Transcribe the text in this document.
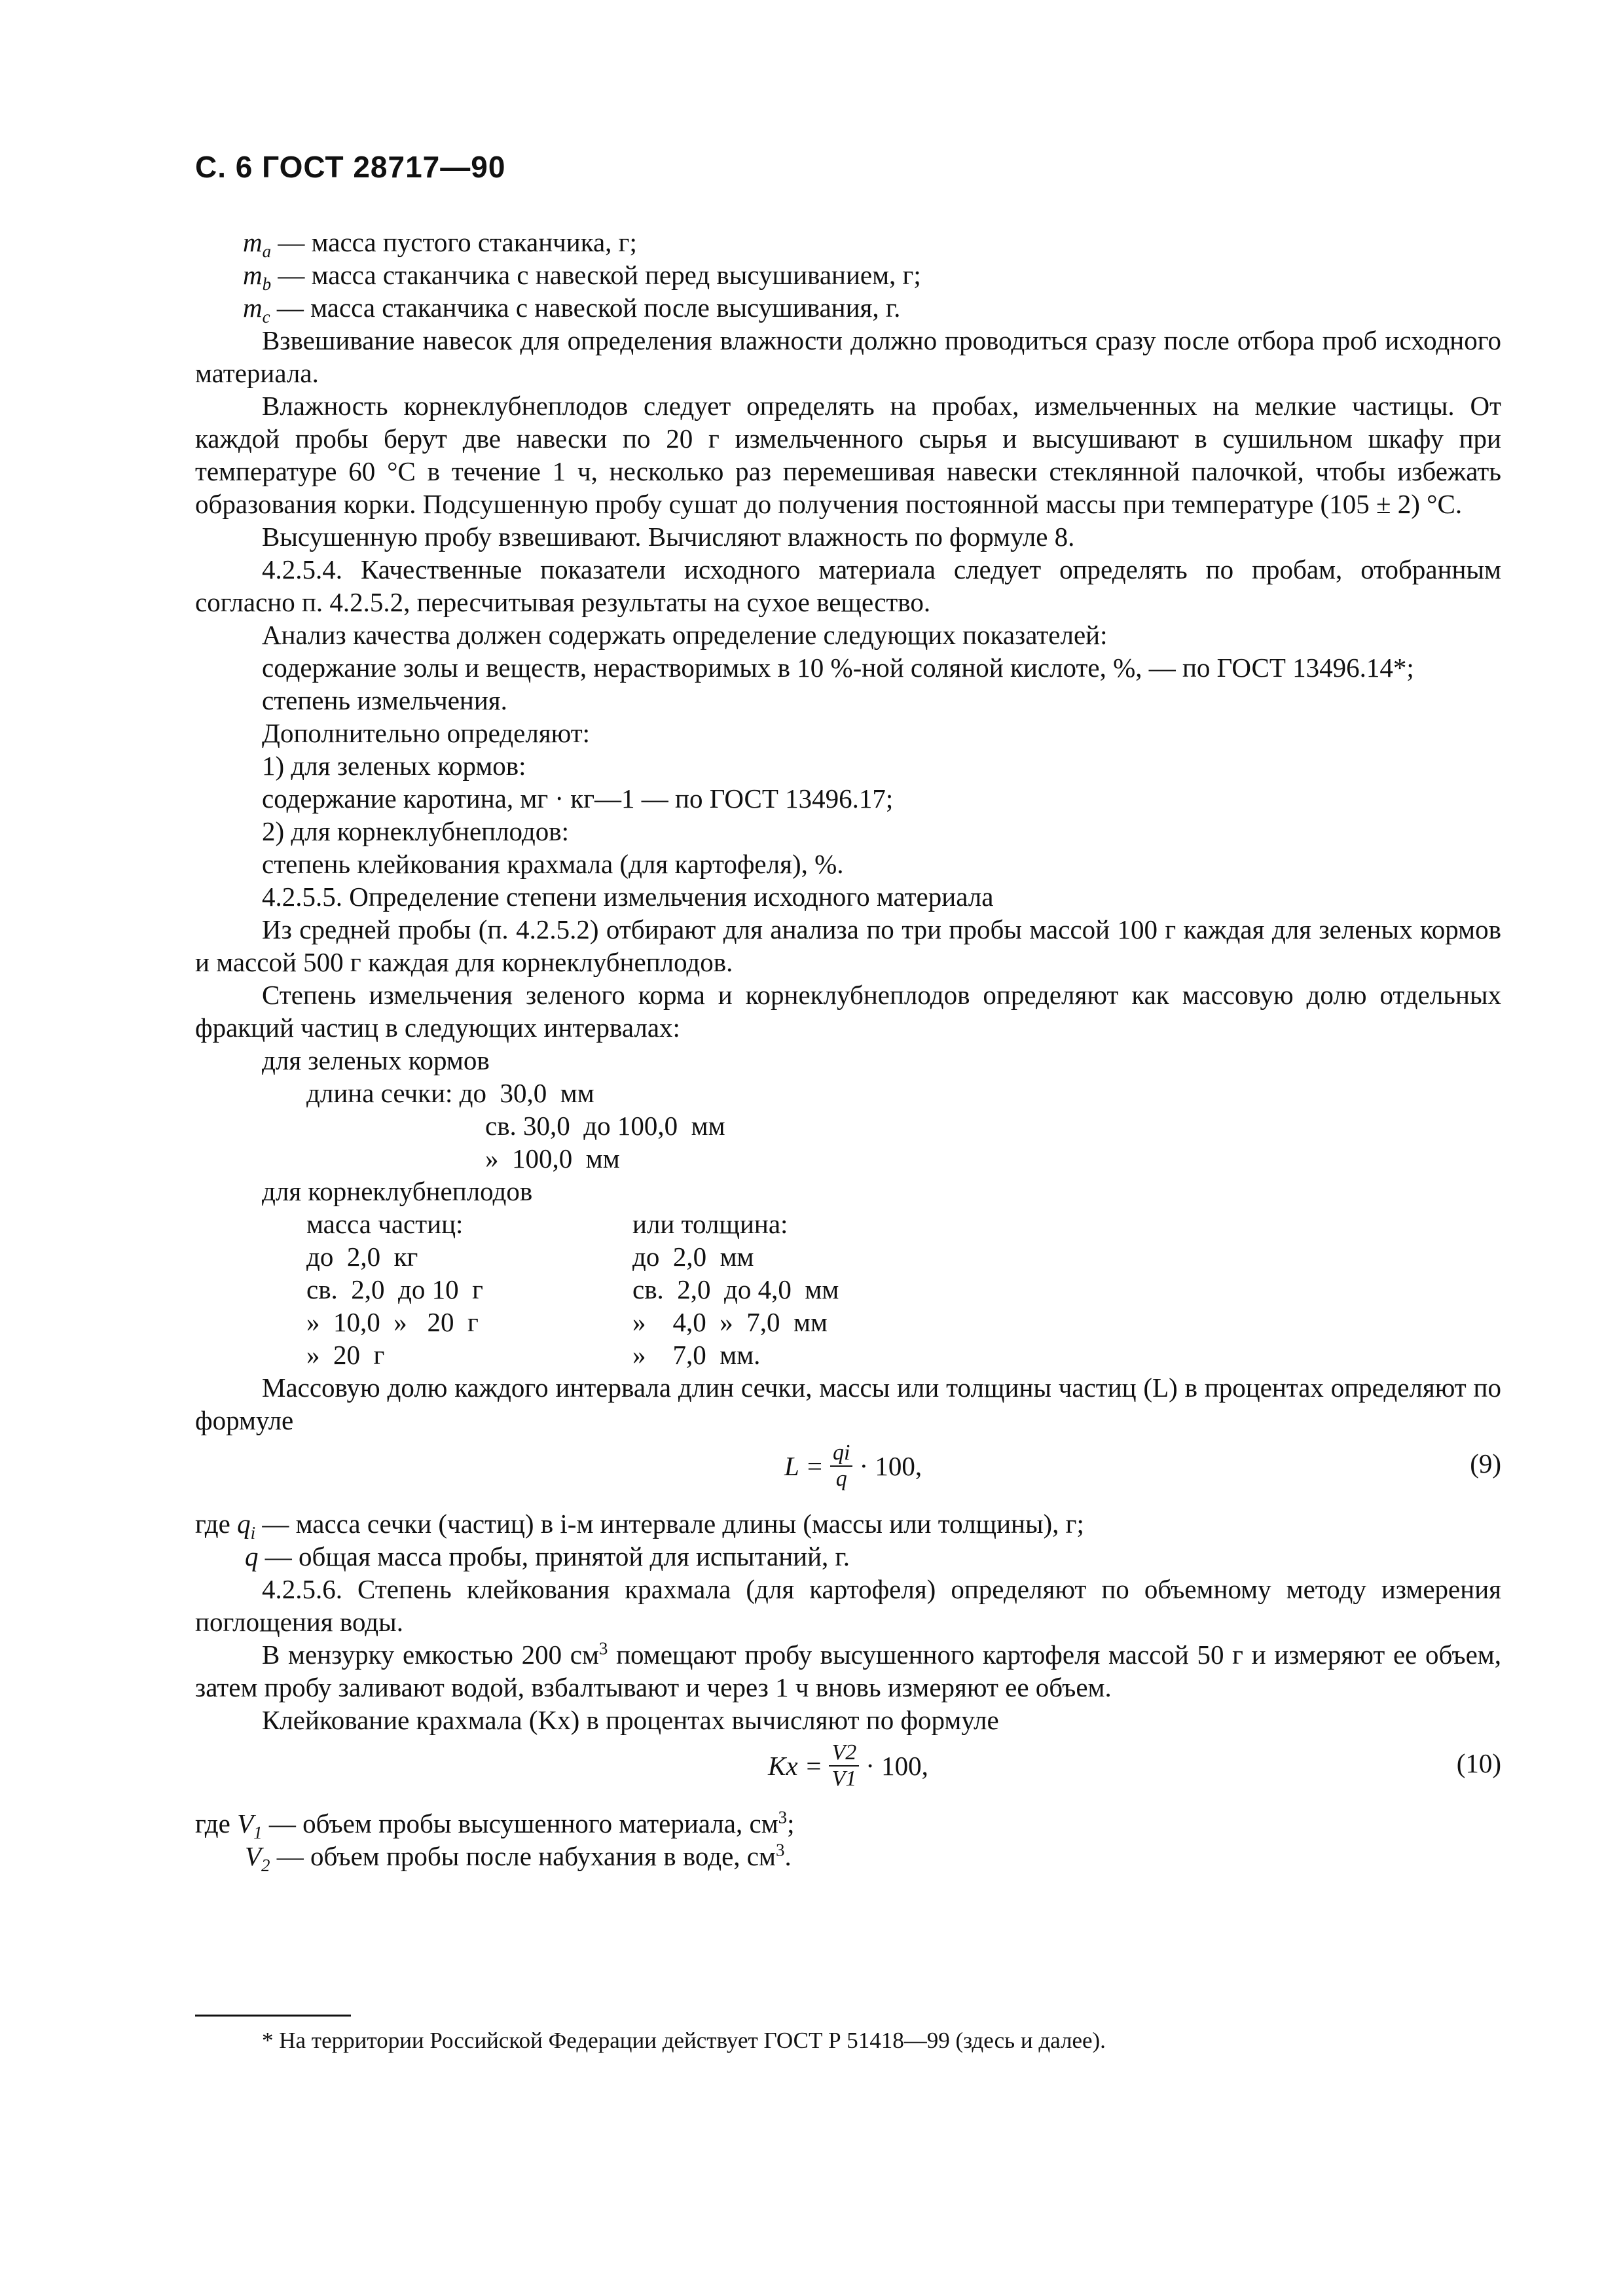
С. 6 ГОСТ 28717—90

$m_a$ — масса пустого стаканчика, г;

$m_b$ — масса стаканчика с навеской перед высушиванием, г;

$m_c$ — масса стаканчика с навеской после высушивания, г.

Взвешивание навесок для определения влажности должно проводиться сразу после отбора проб исходного материала.

Влажность корнеклубнеплодов следует определять на пробах, измельченных на мелкие частицы. От каждой пробы берут две навески по 20 г измельченного сырья и высушивают в сушильном шкафу при температуре 60 °C в течение 1 ч, несколько раз перемешивая навески стеклянной палочкой, чтобы избежать образования корки. Подсушенную пробу сушат до получения постоянной массы при температуре (105 ± 2) °C.

Высушенную пробу взвешивают. Вычисляют влажность по формуле 8.

4.2.5.4. Качественные показатели исходного материала следует определять по пробам, отобранным согласно п. 4.2.5.2, пересчитывая результаты на сухое вещество.

Анализ качества должен содержать определение следующих показателей:

содержание золы и веществ, нерастворимых в 10 %-ной соляной кислоте, %, — по ГОСТ 13496.14*;

степень измельчения.

Дополнительно определяют:

1) для зеленых кормов:

содержание каротина, мг · кг—1 — по ГОСТ 13496.17;

2) для корнеклубнеплодов:

степень клейкования крахмала (для картофеля), %.

4.2.5.5. Определение степени измельчения исходного материала

Из средней пробы (п. 4.2.5.2) отбирают для анализа по три пробы массой 100 г каждая для зеленых кормов и массой 500 г каждая для корнеклубнеплодов.

Степень измельчения зеленого корма и корнеклубнеплодов определяют как массовую долю отдельных фракций частиц в следующих интервалах:

для зеленых кормов
длина сечки: до  30,0  мм
св. 30,0  до 100,0  мм
»  100,0  мм
для корнеклубнеплодов
масса частиц:	или толщина:
до  2,0  кг	до  2,0  мм
св.  2,0  до 10  г	св.  2,0  до 4,0  мм
»  10,0  »   20  г	»    4,0  »  7,0  мм
»  20  г	»    7,0  мм.

Массовую долю каждого интервала длин сечки, массы или толщины частиц (L) в процентах определяют по формуле

$L = \frac{qi}{q} \cdot 100$,	(9)

где $q_i$ — масса сечки (частиц) в i-м интервале длины (массы или толщины), г;

q — общая масса пробы, принятой для испытаний, г.

4.2.5.6. Степень клейкования крахмала (для картофеля) определяют по объемному методу измерения поглощения воды.

В мензурку емкостью 200 $см^3$ помещают пробу высушенного картофеля массой 50 г и измеряют ее объем, затем пробу заливают водой, взбалтывают и через 1 ч вновь измеряют ее объем.

Клейкование крахмала (Kx) в процентах вычисляют по формуле

$Kx = \frac{V2}{V1} \cdot 100$,	(10)

где $V_1$ — объем пробы высушенного материала, $см^3$;

$V_2$ — объем пробы после набухания в воде, $см^3$.

* На территории Российской Федерации действует ГОСТ Р 51418—99 (здесь и далее).
